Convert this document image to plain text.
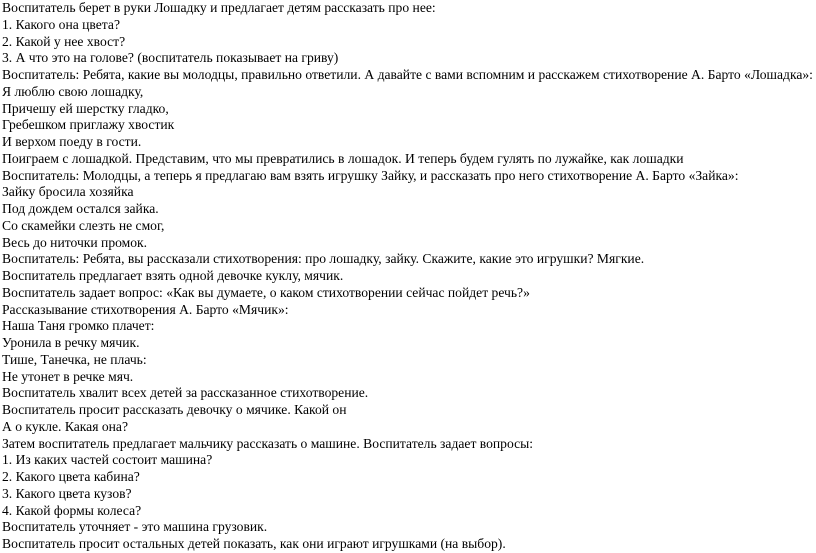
Воспитатель берет в руки Лошадку и предлагает детям рассказать про нее:
1. Какого она цвета?
2. Какой у нее хвост?
3. А что это на голове? (воспитатель показывает на гриву)
Воспитатель: Ребята, какие вы молодцы, правильно ответили. А давайте с вами вспомним и расскажем стихотворение А. Барто «Лошадка»:
Я люблю свою лошадку,
Причешу ей шерстку гладко,
Гребешком приглажу хвостик
И верхом поеду в гости.
Поиграем с лошадкой. Представим, что мы превратились в лошадок. И теперь будем гулять по лужайке, как лошадки
Воспитатель: Молодцы, а теперь я предлагаю вам взять игрушку Зайку, и рассказать про него стихотворение А. Барто «Зайка»:
Зайку бросила хозяйка
Под дождем остался зайка.
Со скамейки слезть не смог,
Весь до ниточки промок.
Воспитатель: Ребята, вы рассказали стихотворения: про лошадку, зайку. Скажите, какие это игрушки? Мягкие.
Воспитатель предлагает взять одной девочке куклу, мячик.
Воспитатель задает вопрос: «Как вы думаете, о каком стихотворении сейчас пойдет речь?»
Рассказывание стихотворения А. Барто «Мячик»:
Наша Таня громко плачет:
Уронила в речку мячик.
Тише, Танечка, не плачь:
Не утонет в речке мяч.
Воспитатель хвалит всех детей за рассказанное стихотворение.
Воспитатель просит рассказать девочку о мячике. Какой он
А о кукле. Какая она?
Затем воспитатель предлагает мальчику рассказать о машине. Воспитатель задает вопросы:
1. Из каких частей состоит машина?
2. Какого цвета кабина?
3. Какого цвета кузов?
4. Какой формы колеса?
Воспитатель уточняет - это машина грузовик.
Воспитатель просит остальных детей показать, как они играют игрушками (на выбор).
